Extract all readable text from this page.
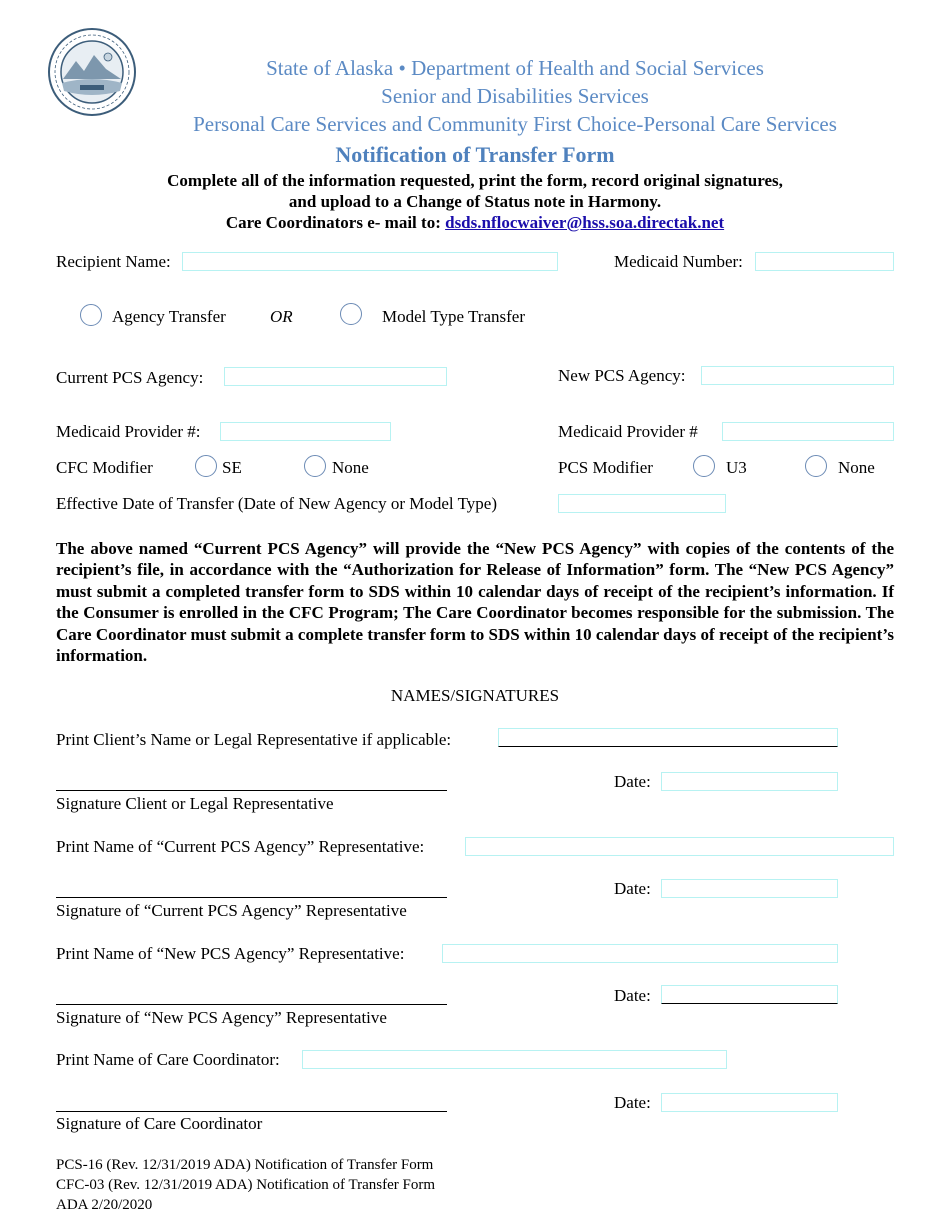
State of Alaska • Department of Health and Social Services
Senior and Disabilities Services
Personal Care Services and Community First Choice-Personal Care Services
Notification of Transfer Form
Complete all of the information requested, print the form, record original signatures,
and upload to a Change of Status note in Harmony.
Care Coordinators e- mail to: dsds.nflocwaiver@hss.soa.directak.net
Recipient Name:	Medicaid Number:
Agency Transfer	OR	Model Type Transfer
Current PCS Agency:	New PCS Agency:
Medicaid Provider #:	Medicaid Provider #
CFC Modifier	SE	None	PCS Modifier	U3	None
Effective Date of Transfer (Date of New Agency or Model Type)
The above named “Current PCS Agency” will provide the “New PCS Agency” with copies of the contents of the recipient’s file, in accordance with the “Authorization for Release of Information” form. The “New PCS Agency” must submit a completed transfer form to SDS within 10 calendar days of receipt of the recipient’s information. If the Consumer is enrolled in the CFC Program; The Care Coordinator becomes responsible for the submission. The Care Coordinator must submit a complete transfer form to SDS within 10 calendar days of receipt of the recipient’s information.
NAMES/SIGNATURES
Print Client’s Name or Legal Representative if applicable:
Date:
Signature Client or Legal Representative
Print Name of “Current PCS Agency” Representative:
Date:
Signature of “Current PCS Agency” Representative
Print Name of “New PCS Agency” Representative:
Date:
Signature of “New PCS Agency” Representative
Print Name of Care Coordinator:
Date:
Signature of Care Coordinator
PCS-16 (Rev. 12/31/2019 ADA) Notification of Transfer Form
CFC-03 (Rev. 12/31/2019 ADA) Notification of Transfer Form
ADA 2/20/2020
